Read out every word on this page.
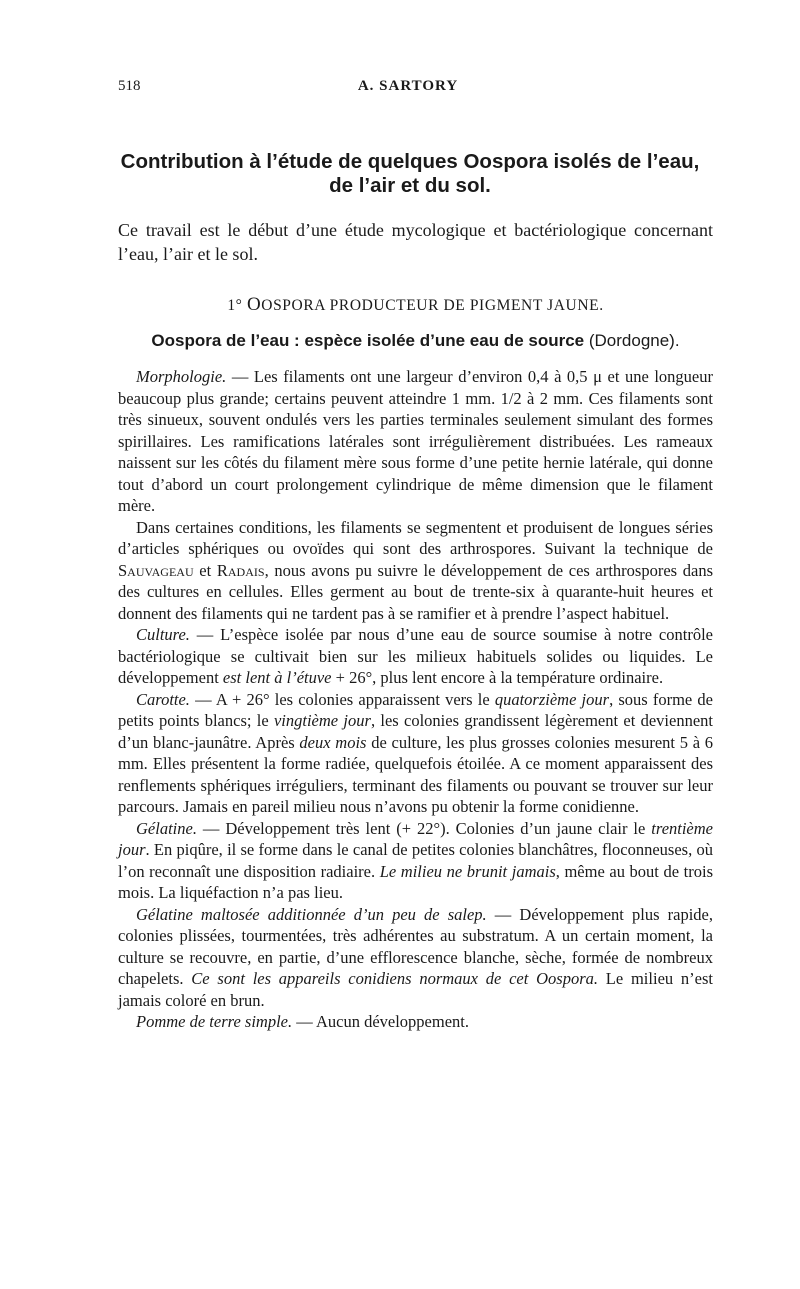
518	A. SARTORY
Contribution à l’étude de quelques Oospora isolés de l’eau,
de l’air et du sol.
Ce travail est le début d’une étude mycologique et bactériologique concernant l’eau, l’air et le sol.
1° OOSPORA PRODUCTEUR DE PIGMENT JAUNE.
Oospora de l’eau : espèce isolée d’une eau de source (Dordogne).

Morphologie. — Les filaments ont une largeur d’environ 0,4 à 0,5 μ et une longueur beaucoup plus grande; certains peuvent atteindre 1 mm. 1/2 à 2 mm. Ces filaments sont très sinueux, souvent ondulés vers les parties terminales seulement simulant des formes spirillaires. Les ramifications latérales sont irrégulièrement distribuées. Les rameaux naissent sur les côtés du filament mère sous forme d’une petite hernie latérale, qui donne tout d’abord un court prolongement cylindrique de même dimension que le filament mère.

Dans certaines conditions, les filaments se segmentent et produisent de longues séries d’articles sphériques ou ovoïdes qui sont des arthrospores. Suivant la technique de Sauvageau et Radais, nous avons pu suivre le développement de ces arthrospores dans des cultures en cellules. Elles germent au bout de trente-six à quarante-huit heures et donnent des filaments qui ne tardent pas à se ramifier et à prendre l’aspect habituel.

Culture. — L’espèce isolée par nous d’une eau de source soumise à notre contrôle bactériologique se cultivait bien sur les milieux habituels solides ou liquides. Le développement est lent à l’étuve + 26°, plus lent encore à la température ordinaire.

Carotte. — A + 26° les colonies apparaissent vers le quatorzième jour, sous forme de petits points blancs; le vingtième jour, les colonies grandissent légèrement et deviennent d’un blanc-jaunâtre. Après deux mois de culture, les plus grosses colonies mesurent 5 à 6 mm. Elles présentent la forme radiée, quelquefois étoilée. A ce moment apparaissent des renflements sphériques irréguliers, terminant des filaments ou pouvant se trouver sur leur parcours. Jamais en pareil milieu nous n’avons pu obtenir la forme conidienne.

Gélatine. — Développement très lent (+ 22°). Colonies d’un jaune clair le trentième jour. En piqûre, il se forme dans le canal de petites colonies blanchâtres, floconneuses, où l’on reconnaît une disposition radiaire. Le milieu ne brunit jamais, même au bout de trois mois. La liquéfaction n’a pas lieu.

Gélatine maltosée additionnée d’un peu de salep. — Développement plus rapide, colonies plissées, tourmentées, très adhérentes au substratum. A un certain moment, la culture se recouvre, en partie, d’une efflorescence blanche, sèche, formée de nombreux chapelets. Ce sont les appareils conidiens normaux de cet Oospora. Le milieu n’est jamais coloré en brun.

Pomme de terre simple. — Aucun développement.
